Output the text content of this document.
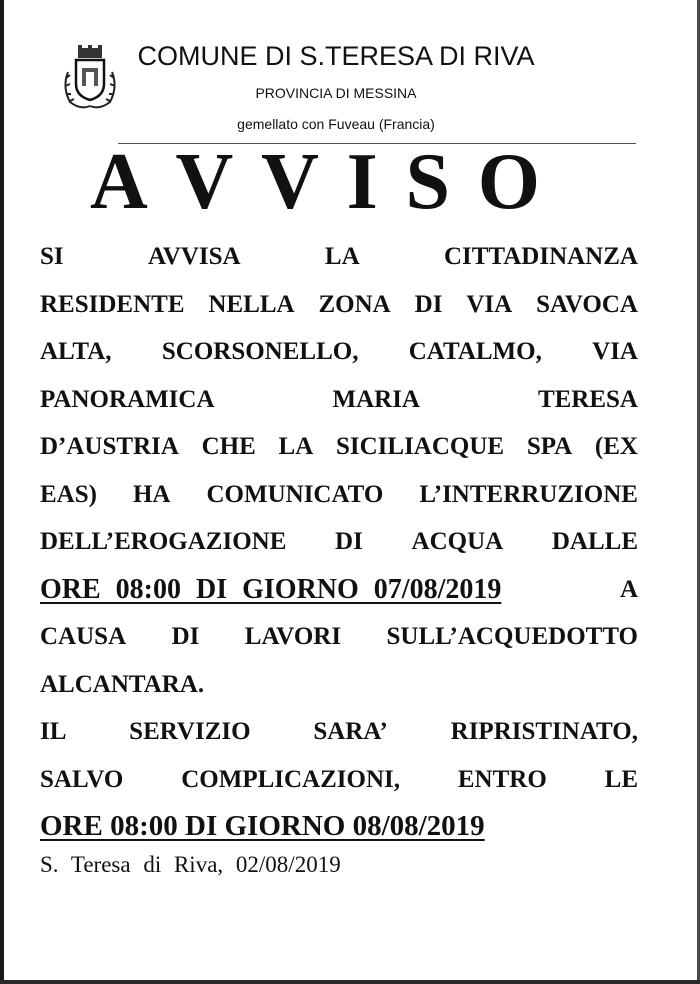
COMUNE DI S.TERESA DI RIVA
PROVINCIA DI MESSINA
gemellato con Fuveau (Francia)
A V V I S O
SI	AVVISA	LA	CITTADINANZA
RESIDENTE NELLA ZONA DI VIA SAVOCA
ALTA, SCORSONELLO, CATALMO, VIA
PANORAMICA	MARIA	TERESA
D’AUSTRIA CHE LA SICILIACQUE SPA (EX
EAS) HA COMUNICATO L’INTERRUZIONE
DELL’EROGAZIONE DI ACQUA DALLE
ORE 08:00 DI GIORNO 07/08/2019	A
CAUSA DI LAVORI SULL’ACQUEDOTTO
ALCANTARA.
IL	SERVIZIO	SARA’	RIPRISTINATO,
SALVO COMPLICAZIONI, ENTRO LE
ORE 08:00 DI GIORNO 08/08/2019
S. Teresa di Riva, 02/08/2019
